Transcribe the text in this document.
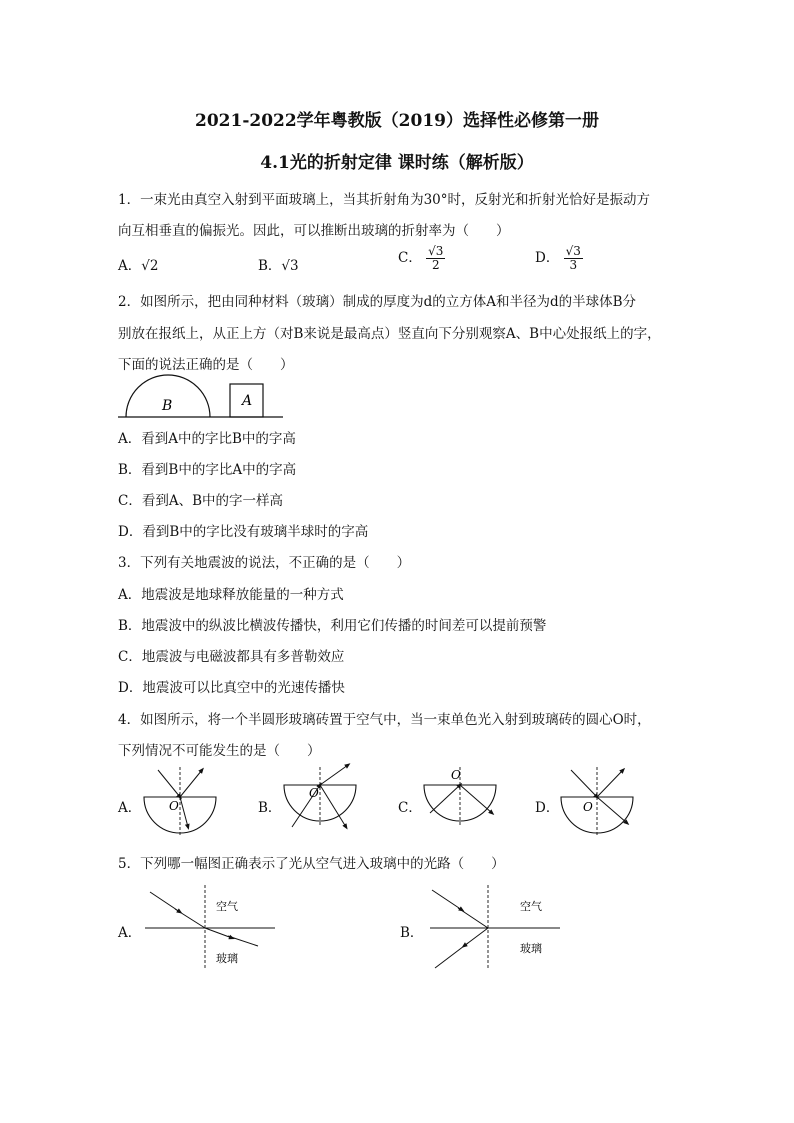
2021-2022学年粤教版（2019）选择性必修第一册
4.1光的折射定律 课时练（解析版）
1．一束光由真空入射到平面玻璃上，当其折射角为30°时，反射光和折射光恰好是振动方
向互相垂直的偏振光。因此，可以推断出玻璃的折射率为（　　）
A．√2	B．√3	C． $\frac{√3}{2}$	D． $\frac{√3}{3}$
2．如图所示，把由同种材料（玻璃）制成的厚度为d的立方体A和半径为d的半球体B分
别放在报纸上，从正上方（对B来说是最高点）竖直向下分别观察A、B中心处报纸上的字，
下面的说法正确的是（　　）
B	A
A．看到A中的字比B中的字高
B．看到B中的字比A中的字高
C．看到A、B中的字一样高
D．看到B中的字比没有玻璃半球时的字高
3．下列有关地震波的说法，不正确的是（　　）
A．地震波是地球释放能量的一种方式
B．地震波中的纵波比横波传播快，利用它们传播的时间差可以提前预警
C．地震波与电磁波都具有多普勒效应
D．地震波可以比真空中的光速传播快
4．如图所示，将一个半圆形玻璃砖置于空气中，当一束单色光入射到玻璃砖的圆心O时，
下列情况不可能发生的是（　　）
A． O	B．
O
C．
O
D． O
5．下列哪一幅图正确表示了光从空气进入玻璃中的光路（　　）
A．
空气
玻璃
B．
空气
玻璃
